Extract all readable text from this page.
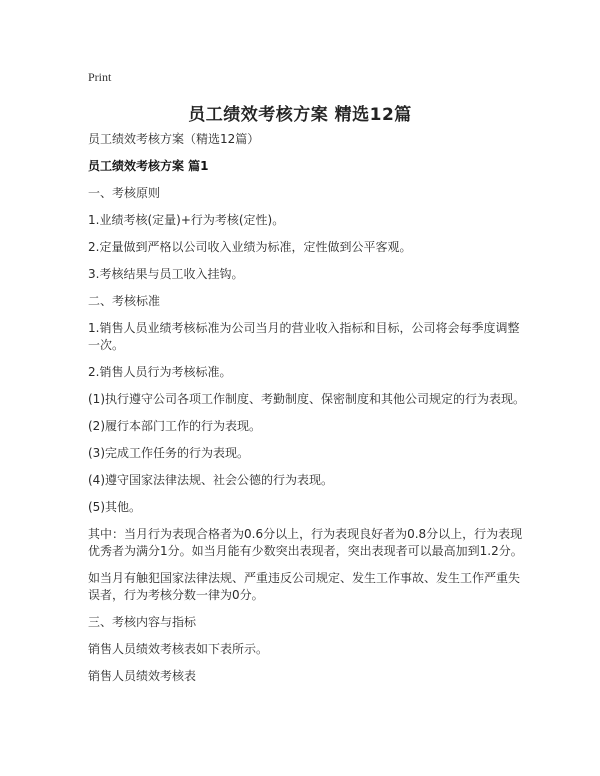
Print
员工绩效考核方案 精选12篇

员工绩效考核方案（精选12篇）

员工绩效考核方案 篇1

一、考核原则

1.业绩考核(定量)+行为考核(定性)。

2.定量做到严格以公司收入业绩为标准，定性做到公平客观。

3.考核结果与员工收入挂钩。

二、考核标准

1.销售人员业绩考核标准为公司当月的营业收入指标和目标，公司将会每季度调整一次。

2.销售人员行为考核标准。

(1)执行遵守公司各项工作制度、考勤制度、保密制度和其他公司规定的行为表现。

(2)履行本部门工作的行为表现。

(3)完成工作任务的行为表现。

(4)遵守国家法律法规、社会公德的行为表现。

(5)其他。

其中：当月行为表现合格者为0.6分以上，行为表现良好者为0.8分以上，行为表现优秀者为满分1分。如当月能有少数突出表现者，突出表现者可以最高加到1.2分。

如当月有触犯国家法律法规、严重违反公司规定、发生工作事故、发生工作严重失误者，行为考核分数一律为0分。

三、考核内容与指标

销售人员绩效考核表如下表所示。

销售人员绩效考核表
